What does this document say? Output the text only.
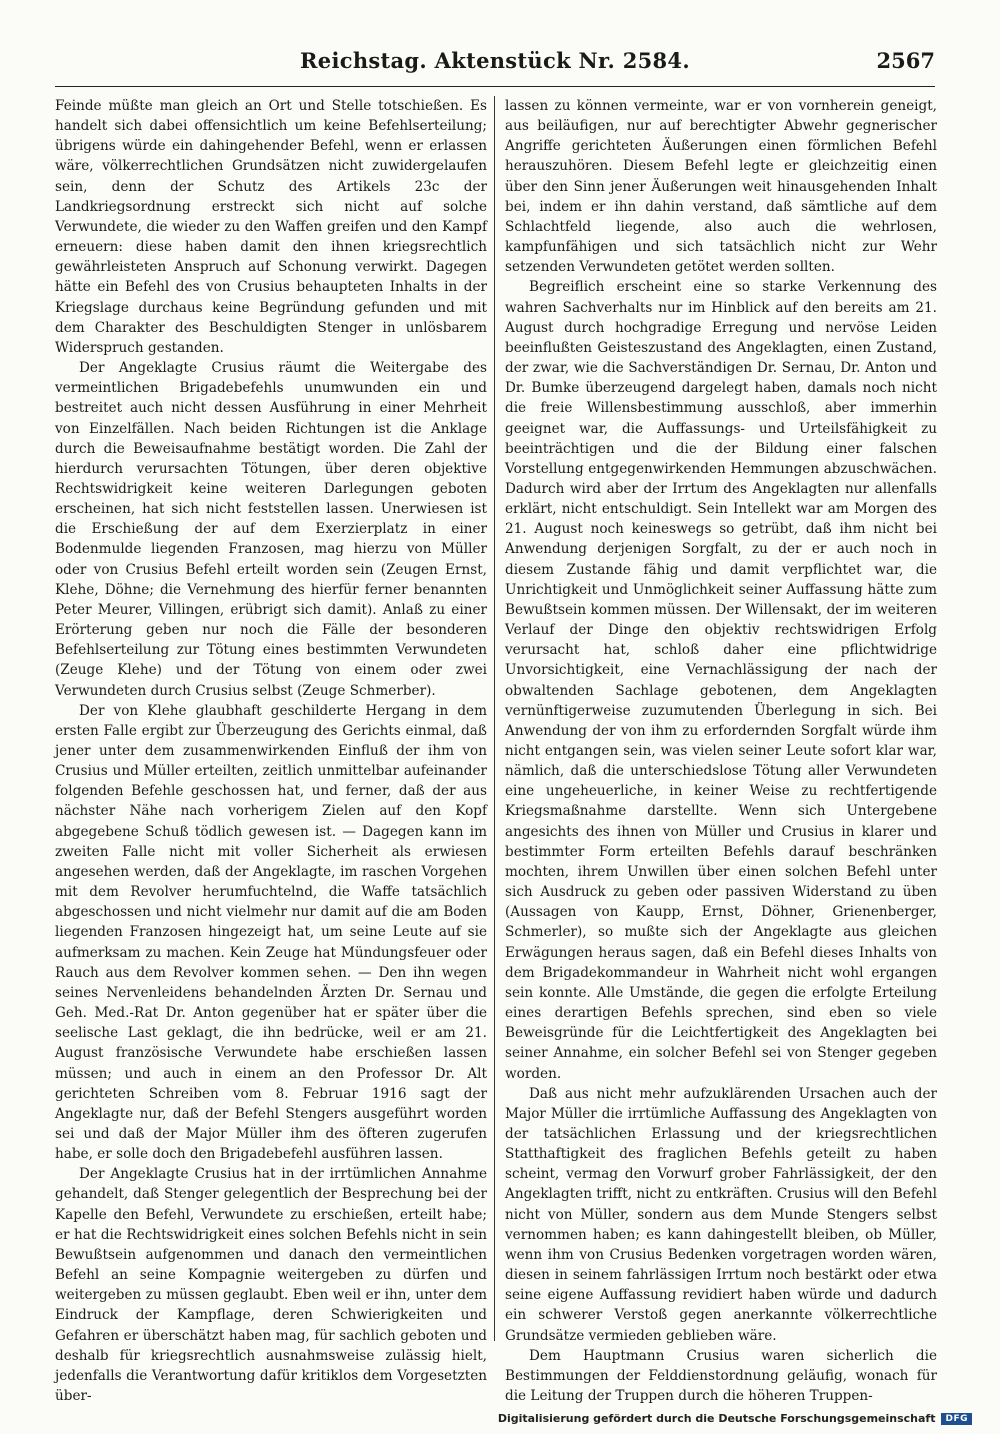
Reichstag. Aktenstück Nr. 2584.	2567

Feinde müßte man gleich an Ort und Stelle totschießen. Es handelt sich dabei offensichtlich um keine Befehlserteilung; übrigens würde ein dahingehender Befehl, wenn er erlassen wäre, völkerrechtlichen Grundsätzen nicht zuwidergelaufen sein, denn der Schutz des Artikels 23c der Landkriegsordnung erstreckt sich nicht auf solche Verwundete, die wieder zu den Waffen greifen und den Kampf erneuern: diese haben damit den ihnen kriegsrechtlich gewährleisteten Anspruch auf Schonung verwirkt. Dagegen hätte ein Befehl des von Crusius behaupteten Inhalts in der Kriegslage durchaus keine Begründung gefunden und mit dem Charakter des Beschuldigten Stenger in unlösbarem Widerspruch gestanden.

Der Angeklagte Crusius räumt die Weitergabe des vermeintlichen Brigadebefehls unumwunden ein und bestreitet auch nicht dessen Ausführung in einer Mehrheit von Einzelfällen. Nach beiden Richtungen ist die Anklage durch die Beweisaufnahme bestätigt worden. Die Zahl der hierdurch verursachten Tötungen, über deren objektive Rechtswidrigkeit keine weiteren Darlegungen geboten erscheinen, hat sich nicht feststellen lassen. Unerwiesen ist die Erschießung der auf dem Exerzierplatz in einer Bodenmulde liegenden Franzosen, mag hierzu von Müller oder von Crusius Befehl erteilt worden sein (Zeugen Ernst, Klehe, Döhne; die Vernehmung des hierfür ferner benannten Peter Meurer, Villingen, erübrigt sich damit). Anlaß zu einer Erörterung geben nur noch die Fälle der besonderen Befehlserteilung zur Tötung eines bestimmten Verwundeten (Zeuge Klehe) und der Tötung von einem oder zwei Verwundeten durch Crusius selbst (Zeuge Schmerber).

Der von Klehe glaubhaft geschilderte Hergang in dem ersten Falle ergibt zur Überzeugung des Gerichts einmal, daß jener unter dem zusammenwirkenden Einfluß der ihm von Crusius und Müller erteilten, zeitlich unmittelbar aufeinander folgenden Befehle geschossen hat, und ferner, daß der aus nächster Nähe nach vorherigem Zielen auf den Kopf abgegebene Schuß tödlich gewesen ist. — Dagegen kann im zweiten Falle nicht mit voller Sicherheit als erwiesen angesehen werden, daß der Angeklagte, im raschen Vorgehen mit dem Revolver herumfuchtelnd, die Waffe tatsächlich abgeschossen und nicht vielmehr nur damit auf die am Boden liegenden Franzosen hingezeigt hat, um seine Leute auf sie aufmerksam zu machen. Kein Zeuge hat Mündungsfeuer oder Rauch aus dem Revolver kommen sehen. — Den ihn wegen seines Nervenleidens behandelnden Ärzten Dr. Sernau und Geh. Med.-Rat Dr. Anton gegenüber hat er später über die seelische Last geklagt, die ihn bedrücke, weil er am 21. August französische Verwundete habe erschießen lassen müssen; und auch in einem an den Professor Dr. Alt gerichteten Schreiben vom 8. Februar 1916 sagt der Angeklagte nur, daß der Befehl Stengers ausgeführt worden sei und daß der Major Müller ihm des öfteren zugerufen habe, er solle doch den Brigadebefehl ausführen lassen.

Der Angeklagte Crusius hat in der irrtümlichen Annahme gehandelt, daß Stenger gelegentlich der Besprechung bei der Kapelle den Befehl, Verwundete zu erschießen, erteilt habe; er hat die Rechtswidrigkeit eines solchen Befehls nicht in sein Bewußtsein aufgenommen und danach den vermeintlichen Befehl an seine Kompagnie weitergeben zu dürfen und weitergeben zu müssen geglaubt. Eben weil er ihn, unter dem Eindruck der Kampflage, deren Schwierigkeiten und Gefahren er überschätzt haben mag, für sachlich geboten und deshalb für kriegsrechtlich ausnahmsweise zulässig hielt, jedenfalls die Verantwortung dafür kritiklos dem Vorgesetzten über-

lassen zu können vermeinte, war er von vornherein geneigt, aus beiläufigen, nur auf berechtigter Abwehr gegnerischer Angriffe gerichteten Äußerungen einen förmlichen Befehl herauszuhören. Diesem Befehl legte er gleichzeitig einen über den Sinn jener Äußerungen weit hinausgehenden Inhalt bei, indem er ihn dahin verstand, daß sämtliche auf dem Schlachtfeld liegende, also auch die wehrlosen, kampfunfähigen und sich tatsächlich nicht zur Wehr setzenden Verwundeten getötet werden sollten.

Begreiflich erscheint eine so starke Verkennung des wahren Sachverhalts nur im Hinblick auf den bereits am 21. August durch hochgradige Erregung und nervöse Leiden beeinflußten Geisteszustand des Angeklagten, einen Zustand, der zwar, wie die Sachverständigen Dr. Sernau, Dr. Anton und Dr. Bumke überzeugend dargelegt haben, damals noch nicht die freie Willensbestimmung ausschloß, aber immerhin geeignet war, die Auffassungs- und Urteilsfähigkeit zu beeinträchtigen und die der Bildung einer falschen Vorstellung entgegenwirkenden Hemmungen abzuschwächen. Dadurch wird aber der Irrtum des Angeklagten nur allenfalls erklärt, nicht entschuldigt. Sein Intellekt war am Morgen des 21. August noch keineswegs so getrübt, daß ihm nicht bei Anwendung derjenigen Sorgfalt, zu der er auch noch in diesem Zustande fähig und damit verpflichtet war, die Unrichtigkeit und Unmöglichkeit seiner Auffassung hätte zum Bewußtsein kommen müssen. Der Willensakt, der im weiteren Verlauf der Dinge den objektiv rechtswidrigen Erfolg verursacht hat, schloß daher eine pflichtwidrige Unvorsichtigkeit, eine Vernachlässigung der nach der obwaltenden Sachlage gebotenen, dem Angeklagten vernünftigerweise zuzumutenden Überlegung in sich. Bei Anwendung der von ihm zu erfordernden Sorgfalt würde ihm nicht entgangen sein, was vielen seiner Leute sofort klar war, nämlich, daß die unterschiedslose Tötung aller Verwundeten eine ungeheuerliche, in keiner Weise zu rechtfertigende Kriegsmaßnahme darstellte. Wenn sich Untergebene angesichts des ihnen von Müller und Crusius in klarer und bestimmter Form erteilten Befehls darauf beschränken mochten, ihrem Unwillen über einen solchen Befehl unter sich Ausdruck zu geben oder passiven Widerstand zu üben (Aussagen von Kaupp, Ernst, Döhner, Grienenberger, Schmerler), so mußte sich der Angeklagte aus gleichen Erwägungen heraus sagen, daß ein Befehl dieses Inhalts von dem Brigadekommandeur in Wahrheit nicht wohl ergangen sein konnte. Alle Umstände, die gegen die erfolgte Erteilung eines derartigen Befehls sprechen, sind eben so viele Beweisgründe für die Leichtfertigkeit des Angeklagten bei seiner Annahme, ein solcher Befehl sei von Stenger gegeben worden.

Daß aus nicht mehr aufzuklärenden Ursachen auch der Major Müller die irrtümliche Auffassung des Angeklagten von der tatsächlichen Erlassung und der kriegsrechtlichen Statthaftigkeit des fraglichen Befehls geteilt zu haben scheint, vermag den Vorwurf grober Fahrlässigkeit, der den Angeklagten trifft, nicht zu entkräften. Crusius will den Befehl nicht von Müller, sondern aus dem Munde Stengers selbst vernommen haben; es kann dahingestellt bleiben, ob Müller, wenn ihm von Crusius Bedenken vorgetragen worden wären, diesen in seinem fahrlässigen Irrtum noch bestärkt oder etwa seine eigene Auffassung revidiert haben würde und dadurch ein schwerer Verstoß gegen anerkannte völkerrechtliche Grundsätze vermieden geblieben wäre.

Dem Hauptmann Crusius waren sicherlich die Bestimmungen der Felddienstordnung geläufig, wonach für die Leitung der Truppen durch die höheren Truppen-

Digitalisierung gefördert durch die Deutsche Forschungsgemeinschaft	DFG
